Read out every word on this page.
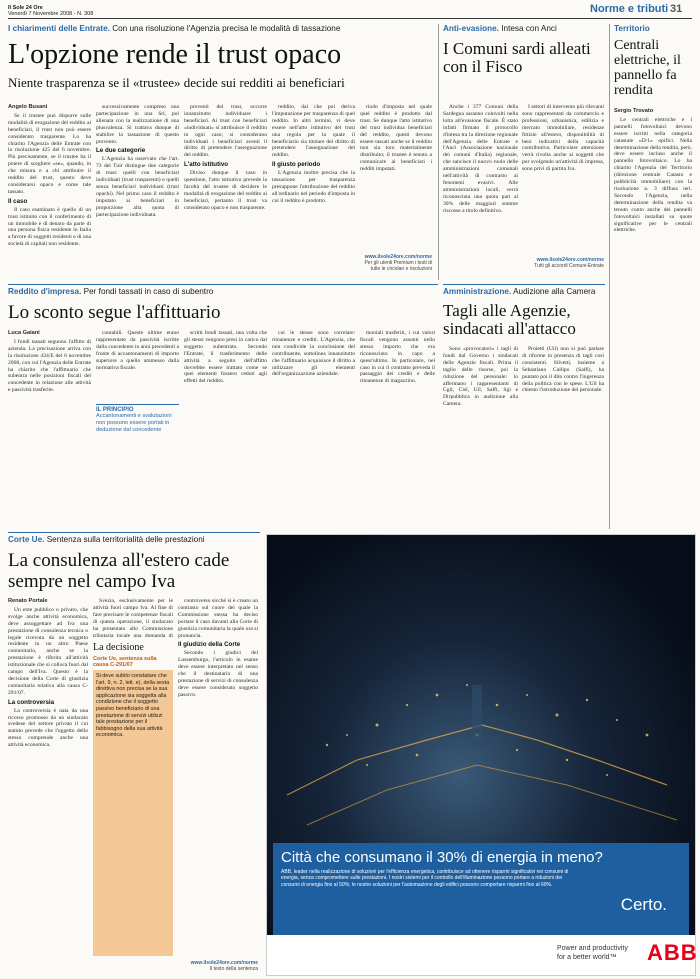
Il Sole 24 Ore
Venerdì 7 Novembre 2008 - N. 308	Norme e tributi 31
I chiarimenti delle Entrate. Con una risoluzione l'Agenzia precisa le modalità di tassazione
L'opzione rende il trust opaco
Niente trasparenza se il «trustee» decide sui redditi ai beneficiari
Angelo Busani

Se il trustee può disporre sulle modalità di erogazione del reddito ai beneficiari, il trust non può essere considerato trasparente. Lo ha chiarito l'Agenzia delle Entrate con la risoluzione 425 del 6 novembre. Più precisamente, se il trustee ha il potere di scegliere «se», quando, in che misura e a chi attribuire il reddito del trust, questo deve considerarsi opaco e come tale tassato.

Il caso

Il caso esaminato è quello di un trust istituito con il conferimento di un immobile e di denaro da parte di una persona fisica residente in Italia a favore di soggetti residenti e di una società di capitali non residente.

successivamente compreso una partecipazione in una Srl, poi alienata con la realizzazione di una plusvalenza. Si trattava dunque di stabilire la tassazione di questo provento.

Le due categorie

L'Agenzia ha osservato che l'art. 73 del Tuir distingue due categorie di trust: quelli con beneficiari individuati (trust trasparenti) e quelli senza beneficiari individuati (trust opachi). Nel primo caso il reddito è imputato ai beneficiari in proporzione alla quota di partecipazione individuata.

proventi del trust, occorre innanzitutto individuare i beneficiari. Ai trust con beneficiari «individuati» si attribuisce il reddito in ogni caso; si considerano individuati i beneficiari aventi il diritto di pretendere l'assegnazione del reddito.

L'atto istitutivo

Diviso dunque il caso in questione, l'atto istitutivo prevede la facoltà del trustee di decidere le modalità di erogazione del reddito ai beneficiari, pertanto il trust va considerato opaco e non trasparente.

reddito, dal che poi deriva l'imputazione per trasparenza di quel reddito. In altri termini, vi deve essere nell'atto istitutivo del trust una regola per la quale il beneficiario sia titolare del diritto di pretendere l'assegnazione del reddito.

Il giusto periodo

L'Agenzia inoltre precisa che la tassazione per trasparenza presuppone l'attribuzione del reddito all'ordinario nel periodo d'imposta in cui il reddito è prodotto.

riodo d'imposta nel quale quel reddito è prodotto dal trust. Se dunque l'atto istitutivo del trust individua beneficiari del reddito, questi devono essere tassati anche se il reddito non sia loro materialmente distribuito; il trustee è tenuto a comunicare ai beneficiari i redditi imputati.

www.ilsole24ore.com/norme
Per gli utenti Premium i testi di tutte le circolari e risoluzioni
Anti-evasione. Intesa con Anci
I Comuni sardi alleati con il Fisco

Anche i 377 Comuni della Sardegna saranno coinvolti nella lotta all'evasione fiscale. È stato infatti firmato il protocollo d'intesa tra la direzione regionale dell'Agenzia delle Entrate e l'Anci (Associazione nazionale dei comuni d'Italia) regionale, che sancisce il nuovo ruolo delle amministrazioni comunali nell'attività di contrasto ai fenomeni evasivi. Alle amministrazioni locali, verrà riconosciuta una quota pari al 30% delle maggiori somme riscosse a titolo definitivo.

I settori di intervento più rilevanti sono rappresentati da commercio e professioni, urbanistica, edilizia e mercato immobiliare, residenze fittizie all'estero, disponibilità di beni indicativi della capacità contributiva. Particolare attenzione verrà rivolta anche ai soggetti che pur svolgendo un'attività di impresa, sono privi di partita Iva.

www.ilsole24ore.com/norme
Tutti gli accordi Comuni-Entrate
Territorio
Centrali elettriche, il pannello fa rendita
Sergio Trovato

Le centrali elettriche e i pannelli fotovoltaici devono essere iscritti nella categoria catastale «D/1» opifici. Nella determinazione della rendita, però, deve essere incluso anche il pannello fotovoltaico. Lo ha chiarito l'Agenzia del Territorio (direzione centrale Catasto e pubblicità immobiliare) con la risoluzione n. 3 diffusa ieri. Secondo l'Agenzia, nella determinazione della rendita va tenuto conto anche dei pannelli fotovoltaici installati su quote significative per le centrali elettriche.

Reddito d'impresa. Per fondi tassati in caso di subentro
Lo sconto segue l'affittuario
Luca Gaiani

I fondi tassati seguono l'affitto di azienda. La precisazione arriva con la risoluzione 434/E del 6 novembre 2008, con cui l'Agenzia delle Entrate ha chiarito che l'affittuario che subentra nelle posizioni fiscali del concedente in relazione alle attività e passività trasferite.

contabili. Queste ultime erano rappresentate da passività iscritte dalla concedente in anni precedenti a fronte di accantonamenti di importo superiore a quello ammesso dalla normativa fiscale.

IL PRINCIPIO
Accantonamenti e svalutazioni
non possono essere portati in deduzione dal concedente

scritti fondi tassati, una volta che gli stessi vengono presi in carico dal soggetto subentrato. Secondo l'Entrate, il trasferimento delle attività a seguito dell'affitto dovrebbe essere trattato come se quei elementi fossero ceduti agli effetti del reddito.

cui le stesse sono correlate: rimanenze e crediti. L'Agenzia, che non condivide la conclusione del contribuente, sottolinea innanzitutto che l'affittuario acquisisce il diritto a utilizzare gli elementi dell'organizzazione aziendale.

moniali trasferiti, i cui valori fiscali vengono assunti nello stesso importo che era riconosciuto in capo a quest'ultimo. In particolare, nel caso in cui il contratto preveda il passaggio dei crediti e delle rimanenze di magazzino.

Amministrazione. Audizione alla Camera
Tagli alle Agenzie, sindacati all'attacco

Sono «provocatori» i tagli di fondi dal Governo i sindacati delle Agenzie fiscali. Prima il taglio delle risorse, poi la riduzione del personale: lo affermano i rappresentanti di Cgil, Cisl, Uil, Salfi, Sgi e Dirpubblica in audizione alla Camera.

Proietti (Uil) non si può parlare di riforme in presenza di tagli così consistenti. Silvetti, insieme a Sebastiano Callipo (Salfi), ha puntato poi il dito contro l'ingerenza della politica con le spese. L'Uil ha chiesto l'introduzione del personale.

Corte Ue. Sentenza sulla territorialità delle prestazioni
La consulenza all'estero cade sempre nel campo Iva
Renato Portale

Un ente pubblico o privato, che svolge anche attività economica, deve assoggettare ad Iva una prestazione di consulenza tecnica o legale ricevuta da un soggetto residente in un altro Paese comunitario, anche se la prestazione è riferita all'attività istituzionale che si colloca fuori dal campo dell'Iva. Questo è la decisione della Corte di giustizia comunitaria relativa alla causa C-291/07.

La controversia

La controversia è nata da una ricorso promosso da un sindacato svedese del settore privato il cui statuto prevede che l'oggetto dello stesso comprende anche una attività economica.

Svezia, esclusivamente per le attività fuori campo Iva. Al fine di fare precisare le competenze fiscali di questa operazione, il sindacato ha presentato allo Commissione tributaria locale una domanda di

La decisione
Corte Ue, sentenza sulla causa C-291/07
Si deve subito constatare che l'art. 9, n. 2, lett. e), della sesta direttiva non precisa se la sua applicazione sia soggetta alla condizione che il soggetto passivo beneficiario di una prestazione di servizi utilizzi tale prestazione per il fabbisogno della sua attività economica.

controverso sicché si è creato un contrasto sul cuore del quale la Commissione stessa ha deciso portare il caso davanti alla Corte di giustizia comunitaria la quale ora si pronuncia.

Il giudizio della Corte

Secondo i giudici del Lussemburgo, l'articolo in esame deve essere interpretato nel senso che il destinatario di una prestazione di servizi di consulenza deve essere considerato soggetto passivo.

www.ilsole24ore.com/norme
Il testo della sentenza
Città che consumano il 30% di energia in meno?
ABB, leader nella realizzazione di soluzioni per l'efficienza energetica, contribuisce ad ottenere risparmi significativi nei consumi di energia, senza compromettere sulle prestazioni. I nostri sistemi per il controllo dell'illuminazione possono portare a riduzioni dei consumi di energia fino al 50%; le nostre soluzioni per l'automazione degli edifici possono comportare risparmi fino al 60%.
Certo.
Power and productivity
for a better world™	ABB
